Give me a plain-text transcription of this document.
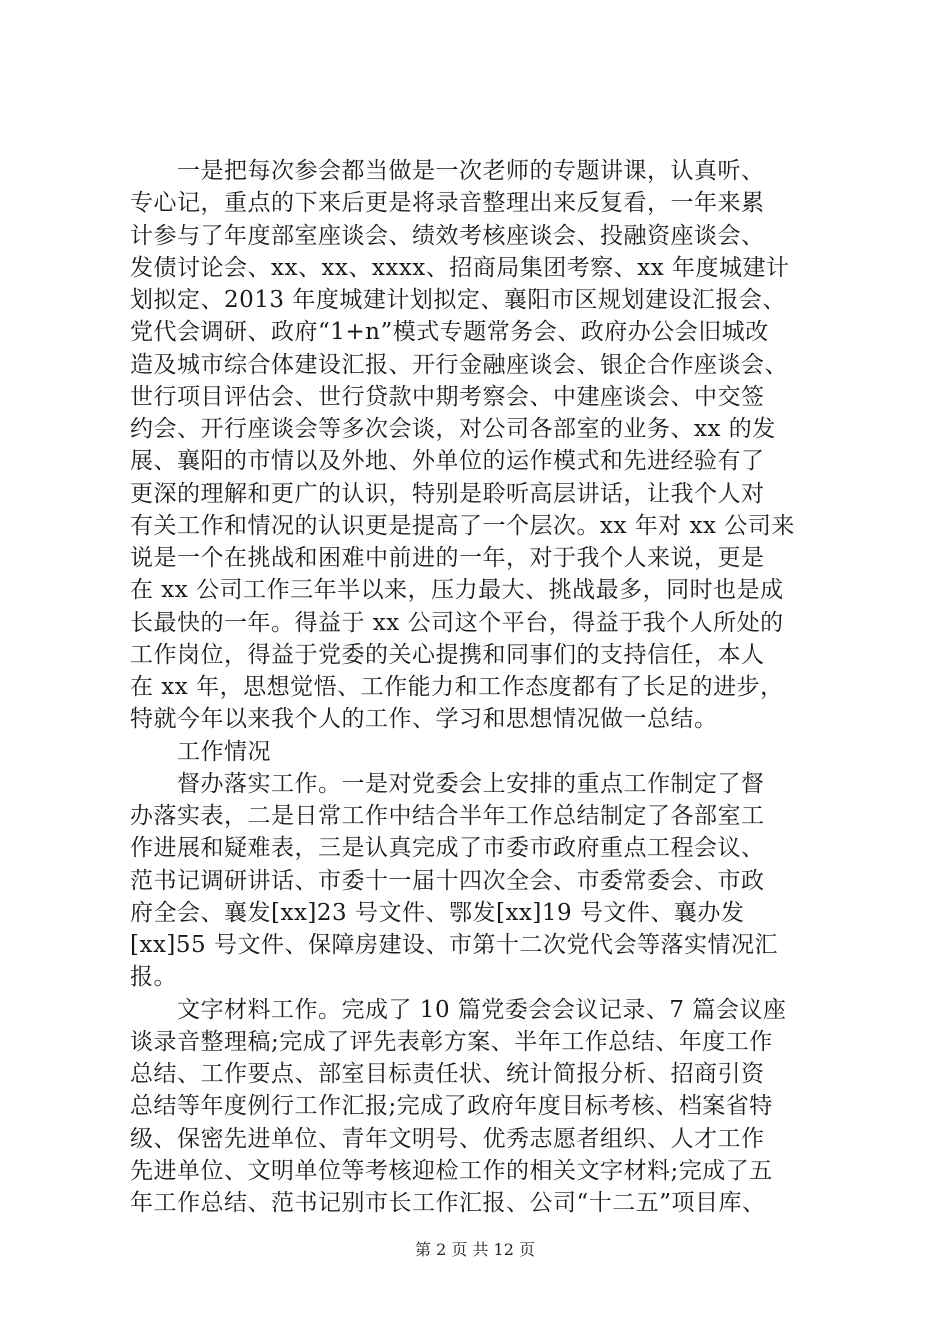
　　一是把每次参会都当做是一次老师的专题讲课，认真听、
专心记，重点的下来后更是将录音整理出来反复看，一年来累
计参与了年度部室座谈会、绩效考核座谈会、投融资座谈会、
发债讨论会、xx、xx、xxxx、招商局集团考察、xx 年度城建计
划拟定、2013 年度城建计划拟定、襄阳市区规划建设汇报会、
党代会调研、政府“1+n”模式专题常务会、政府办公会旧城改
造及城市综合体建设汇报、开行金融座谈会、银企合作座谈会、
世行项目评估会、世行贷款中期考察会、中建座谈会、中交签
约会、开行座谈会等多次会谈，对公司各部室的业务、xx 的发
展、襄阳的市情以及外地、外单位的运作模式和先进经验有了
更深的理解和更广的认识，特别是聆听高层讲话，让我个人对
有关工作和情况的认识更是提高了一个层次。xx 年对 xx 公司来
说是一个在挑战和困难中前进的一年，对于我个人来说，更是
在 xx 公司工作三年半以来，压力最大、挑战最多，同时也是成
长最快的一年。得益于 xx 公司这个平台，得益于我个人所处的
工作岗位，得益于党委的关心提携和同事们的支持信任，本人
在 xx 年，思想觉悟、工作能力和工作态度都有了长足的进步，
特就今年以来我个人的工作、学习和思想情况做一总结。
　　工作情况
　　督办落实工作。一是对党委会上安排的重点工作制定了督
办落实表，二是日常工作中结合半年工作总结制定了各部室工
作进展和疑难表，三是认真完成了市委市政府重点工程会议、
范书记调研讲话、市委十一届十四次全会、市委常委会、市政
府全会、襄发[xx]23 号文件、鄂发[xx]19 号文件、襄办发
[xx]55 号文件、保障房建设、市第十二次党代会等落实情况汇
报。
　　文字材料工作。完成了 10 篇党委会会议记录、7 篇会议座
谈录音整理稿;完成了评先表彰方案、半年工作总结、年度工作
总结、工作要点、部室目标责任状、统计简报分析、招商引资
总结等年度例行工作汇报;完成了政府年度目标考核、档案省特
级、保密先进单位、青年文明号、优秀志愿者组织、人才工作
先进单位、文明单位等考核迎检工作的相关文字材料;完成了五
年工作总结、范书记别市长工作汇报、公司“十二五”项目库、
第 2 页 共 12 页
